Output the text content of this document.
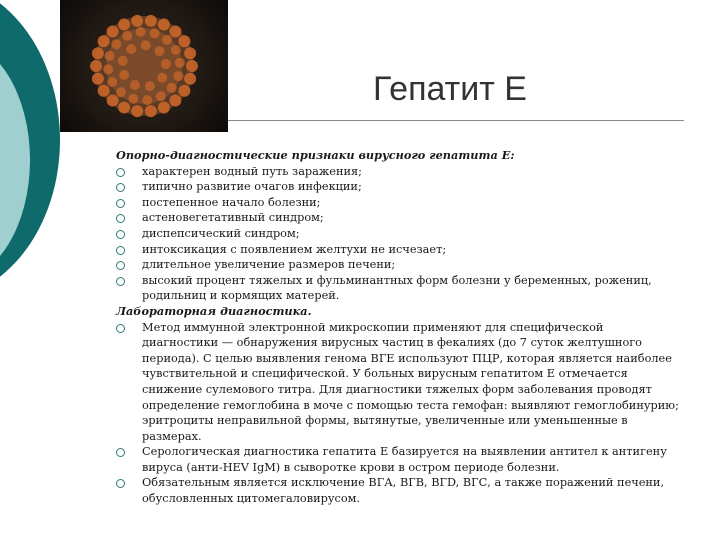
Гепатит Е

Опорно-диагностические признаки вирусного гепатита Е:

характерен водный путь заражения;
типично развитие очагов инфекции;
постепенное начало болезни;
астеновегетативный синдром;
диспепсический синдром;
интоксикация с появлением желтухи не исчезает;
длительное увеличение размеров печени;
высокий процент тяжелых и фульминантных форм болезни у беременных, рожениц, родильниц и кормящих матерей.

Лабораторная диагностика.

Метод иммунной электронной микроскопии применяют для специфической диагностики — обнаружения вирусных частиц в фекалиях (до 7 суток желтушного периода). С целью выявления генома ВГЕ используют ПЦР, которая является наиболее чувствительной и специфической. У больных вирусным гепатитом Е отмечается снижение сулемового титра. Для диагностики тяжелых форм заболевания проводят определение гемоглобина в моче с помощью теста гемофан: выявляют гемоглобинурию; эритроциты неправильной формы, вытянутые, увеличенные или уменьшенные в размерах.
Серологическая диагностика гепатита Е базируется на выявлении антител к антигену вируса (анти-HEV IgM) в сыворотке крови в остром периоде болезни.
Обязательным является исключение ВГА, ВГВ, ВГD, ВГС, а также поражений печени, обусловленных цитомегаловирусом.
